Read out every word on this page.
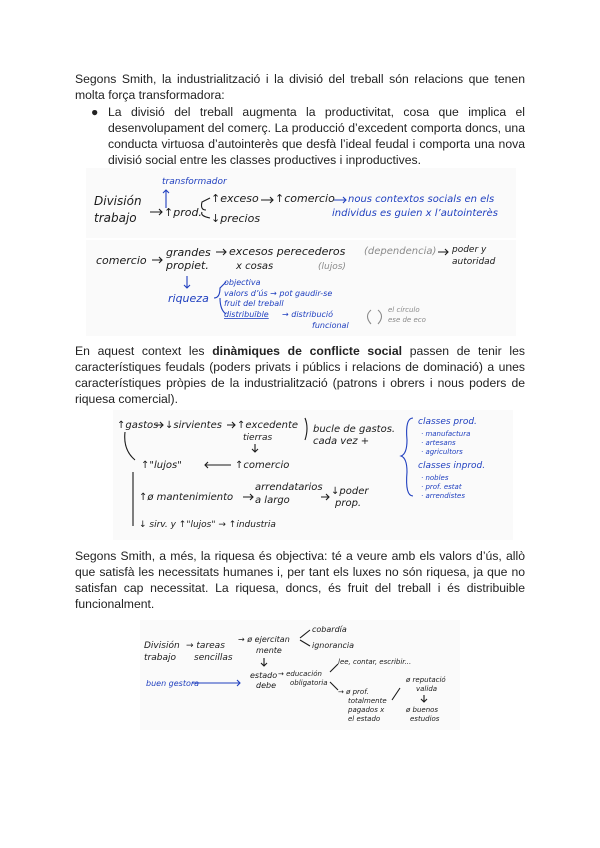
Segons Smith, la industrialització i la divisió del treball són relacions que tenen molta força transformadora:

● La divisió del treball augmenta la productivitat, cosa que implica el desenvolupament del comerç. La producció d’excedent comporta doncs, una conducta virtuosa d’autointerès que desfà l’ideal feudal i comporta una nova divisió social entre les classes productives i inproductives.
División
trabajo
transformador
↑prod.
↑exceso
↓precios
↑comercio nous contextos socials en els
individus es guien x l’autointerès
comercio
grandes
propiet.
excesos perecederos (dependencia)
x cosas	(lujos)
poder y
autoridad
riqueza
objectiva
valors d’ús → pot gaudir-se
fruit del treball
distribuïble → distribució
funcional
el círculo
ese de eco

En aquest context les dinàmiques de conflicte social passen de tenir les característiques feudals (poders privats i públics i relacions de dominació) a unes característiques pròpies de la industrialització (patrons i obrers i nous poders de riquesa comercial).

↑gastos ↓sirvientes ↑excedente
tierras
↑"lujos"	↑comercio
bucle de gastos.
cada vez +
↑ø mantenimiento
arrendatarios
a largo
↓poder
prop.
↓ sirv. y ↑"lujos" → ↑industria
classes prod.
· manufactura
· artesans
· agricultors
classes inprod.
· nobles
· prof. estat
· arrendistes

Segons Smith, a més, la riquesa és objectiva: té a veure amb els valors d’ús, allò que satisfà les necessitats humanes i, per tant els luxes no són riquesa, ja que no satisfan cap necessitat. La riquesa, doncs, és fruit del treball i és distribuible funcionalment.

División
trabajo
→ tareas
sencillas
→ ø ejercitan
mente
cobardía
ignorancia
buen gestora
estado
debe
→ educación
obligatoria
lee, contar, escribir...
→ ø prof.
totalmente
pagados x
el estado
ø reputació
valida
ø buenos
estudios
